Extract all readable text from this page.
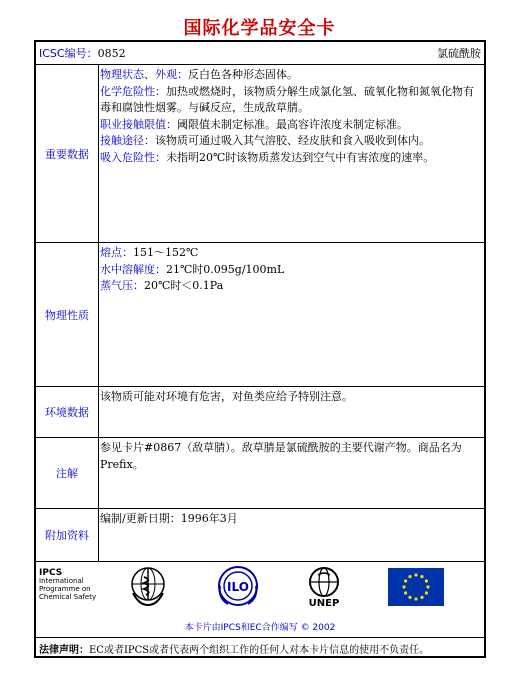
国际化学品安全卡
ICSC编号：0852	氯硫酰胺
重要数据
物理状态、外观：反白色各种形态固体。
化学危险性：加热或燃烧时，该物质分解生成氯化氢、硫氧化物和氮氧化物有毒和腐蚀性烟雾。与碱反应，生成敌草腈。
职业接触限值：阈限值未制定标准。最高容许浓度未制定标准。
接触途径：该物质可通过吸入其气溶胶、经皮肤和食入吸收到体内。
吸入危险性：未指明20℃时该物质蒸发达到空气中有害浓度的速率。
物理性质
熔点：151～152℃
水中溶解度：21℃时0.095g/100mL
蒸气压：20℃时＜0.1Pa
环境数据
该物质可能对环境有危害，对鱼类应给予特别注意。
注解
参见卡片#0867（敌草腈）。敌草腈是氯硫酰胺的主要代谢产物。商品名为Prefix。
附加资料
编制/更新日期：1996年3月
IPCS
International
Programme on
Chemical Safety
ILO
UNEP
本卡片由IPCS和EC合作编写 © 2002
法律声明：EC或者IPCS或者代表两个组织工作的任何人对本卡片信息的使用不负责任。
